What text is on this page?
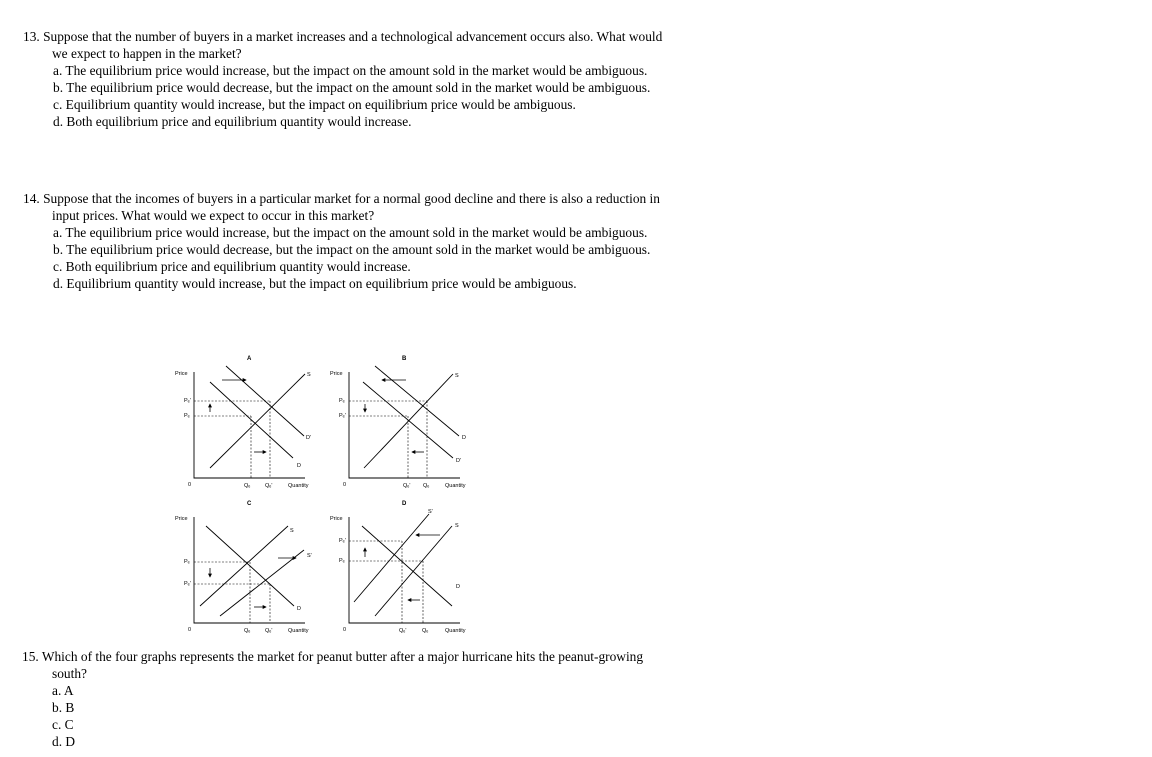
13. Suppose that the number of buyers in a market increases and a technological advancement occurs also. What would we expect to happen in the market?
a. The equilibrium price would increase, but the impact on the amount sold in the market would be ambiguous.
b. The equilibrium price would decrease, but the impact on the amount sold in the market would be ambiguous.
c. Equilibrium quantity would increase, but the impact on equilibrium price would be ambiguous.
d. Both equilibrium price and equilibrium quantity would increase.
14. Suppose that the incomes of buyers in a particular market for a normal good decline and there is also a reduction in input prices. What would we expect to occur in this market?
a. The equilibrium price would increase, but the impact on the amount sold in the market would be ambiguous.
b. The equilibrium price would decrease, but the impact on the amount sold in the market would be ambiguous.
c. Both equilibrium price and equilibrium quantity would increase.
d. Equilibrium quantity would increase, but the impact on equilibrium price would be ambiguous.
A
Price
0	Quantity
Pₑ'
Pₑ
Qₑ	Qₑ'
S
D'
D
B
Price
0	Quantity
Pₑ
Pₑ'
Qₑ' Qₑ
S
D
D'
C
Price
0	Quantity
Pₑ
Pₑ'
Qₑ	Qₑ'
S
S'
D
D
Price
0	Quantity
Pₑ'
Pₑ
Qₑ'	Qₑ
S'
S
D
15. Which of the four graphs represents the market for peanut butter after a major hurricane hits the peanut-growing south?
a. A
b. B
c. C
d. D
